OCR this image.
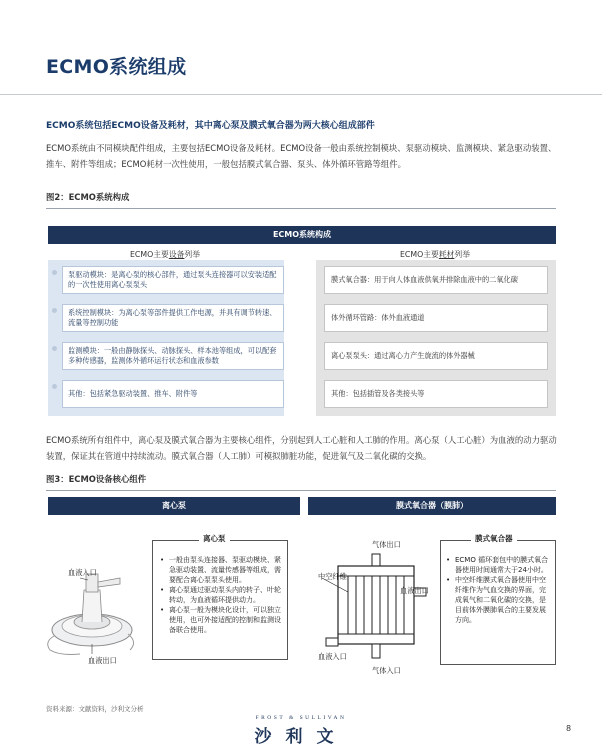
ECMO系统组成
ECMO系统包括ECMO设备及耗材，其中离心泵及膜式氧合器为两大核心组成部件
ECMO系统由不同模块配件组成，主要包括ECMO设备及耗材。ECMO设备一般由系统控制模块、泵驱动模块、监测模块、紧急驱动装置、推车、附件等组成；ECMO耗材一次性使用，一般包括膜式氧合器、泵头、体外循环管路等组件。
图2：ECMO系统构成
ECMO系统构成
ECMO主要设备列举	ECMO主要耗材列举
泵驱动模块：是离心泵的核心部件，通过泵头连接器可以安装适配的一次性使用离心泵泵头
系统控制模块：为离心泵等部件提供工作电源，并具有调节转速、流量等控制功能
监测模块：一般由静脉探头、动脉探头、样本池等组成，可以配套多种传感器，监测体外循环运行状态和血液参数
其他：包括紧急驱动装置、推车、附件等
膜式氧合器：用于向人体血液供氧并排除血液中的二氧化碳
体外循环管路：体外血液通道
离心泵泵头：通过离心力产生旋流的体外器械
其他：包括插管及各类接头等
ECMO系统所有组件中，离心泵及膜式氧合器为主要核心组件，分别起到人工心脏和人工肺的作用。离心泵（人工心脏）为血液的动力驱动装置，保证其在管道中持续流动。膜式氧合器（人工肺）可模拟肺脏功能，促进氧气及二氧化碳的交换。
图3：ECMO设备核心组件
离心泵	膜式氧合器（膜肺）
血液入口
血液出口
离心泵
• 一般由泵头连接器、泵驱动模块、紧急驱动装置、流量传感器等组成，需要配合离心泵泵头使用。
• 离心泵通过驱动泵头内的转子、叶轮转动，为血液循环提供动力。
• 离心泵一般为模块化设计，可以独立使用，也可外接适配的控制和监测设备联合使用。
气体出口
中空纤维
血液出口
血液入口
气体入口
膜式氧合器
• ECMO 循环套包中的膜式氧合器使用时间通常大于24小时。
• 中空纤维膜式氧合器使用中空纤维作为气血交换的界面，完成氧气和二氧化碳的交换，是目前体外膜肺氧合的主要发展方向。
资料来源：文献资料，沙利文分析
FROST & SULLIVAN
沙利文	8
